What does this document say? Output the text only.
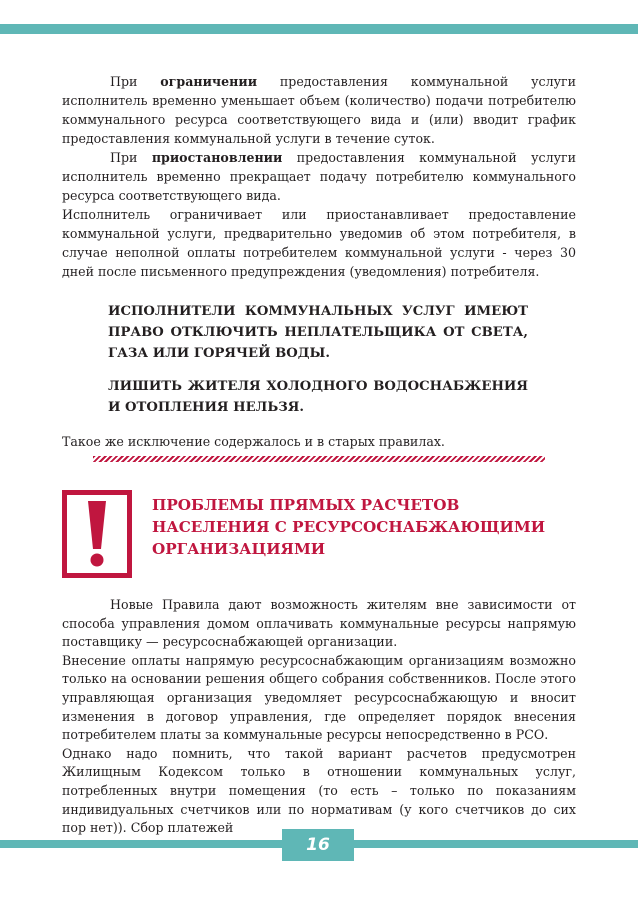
При ограничении предоставления коммунальной услуги исполнитель временно уменьшает объем (количество) подачи потребителю коммунального ресурса соответствующего вида и (или) вводит график предоставления коммунальной услуги в течение суток.

При приостановлении предоставления коммунальной услуги исполнитель временно прекращает подачу потребителю коммунального ресурса соответствующего вида.

Исполнитель ограничивает или приостанавливает предоставление коммунальной услуги, предварительно уведомив об этом потребителя, в случае неполной оплаты потребителем коммунальной услуги - через 30 дней после письменного предупреждения (уведомления) потребителя.

ИСПОЛНИТЕЛИ КОММУНАЛЬНЫХ УСЛУГ ИМЕЮТ ПРАВО ОТКЛЮЧИТЬ НЕПЛАТЕЛЬЩИКА ОТ СВЕТА, ГАЗА ИЛИ ГОРЯЧЕЙ ВОДЫ.

ЛИШИТЬ ЖИТЕЛЯ ХОЛОДНОГО ВОДОСНАБЖЕНИЯ И ОТОПЛЕНИЯ НЕЛЬЗЯ.

Такое же исключение содержалось и в старых правилах.

ПРОБЛЕМЫ ПРЯМЫХ РАСЧЕТОВ
НАСЕЛЕНИЯ С РЕСУРСОСНАБЖАЮЩИМИ
ОРГАНИЗАЦИЯМИ

Новые Правила дают возможность жителям вне зависимости от способа управления домом оплачивать коммунальные ресурсы напрямую поставщику — ресурсоснабжающей организации.

Внесение оплаты напрямую ресурсоснабжающим организациям возможно только на основании решения общего собрания собственников. После этого управляющая организация уведомляет ресурсоснабжающую и вносит изменения в договор управления, где определяет порядок внесения потребителем платы за коммунальные ресурсы непосредственно в РСО.

Однако надо помнить, что такой вариант расчетов предусмотрен Жилищным Кодексом только в отношении коммунальных услуг, потребленных внутри помещения (то есть – только по показаниям индивидуальных счетчиков или по нормативам (у кого счетчиков до сих пор нет)). Сбор платежей

16
